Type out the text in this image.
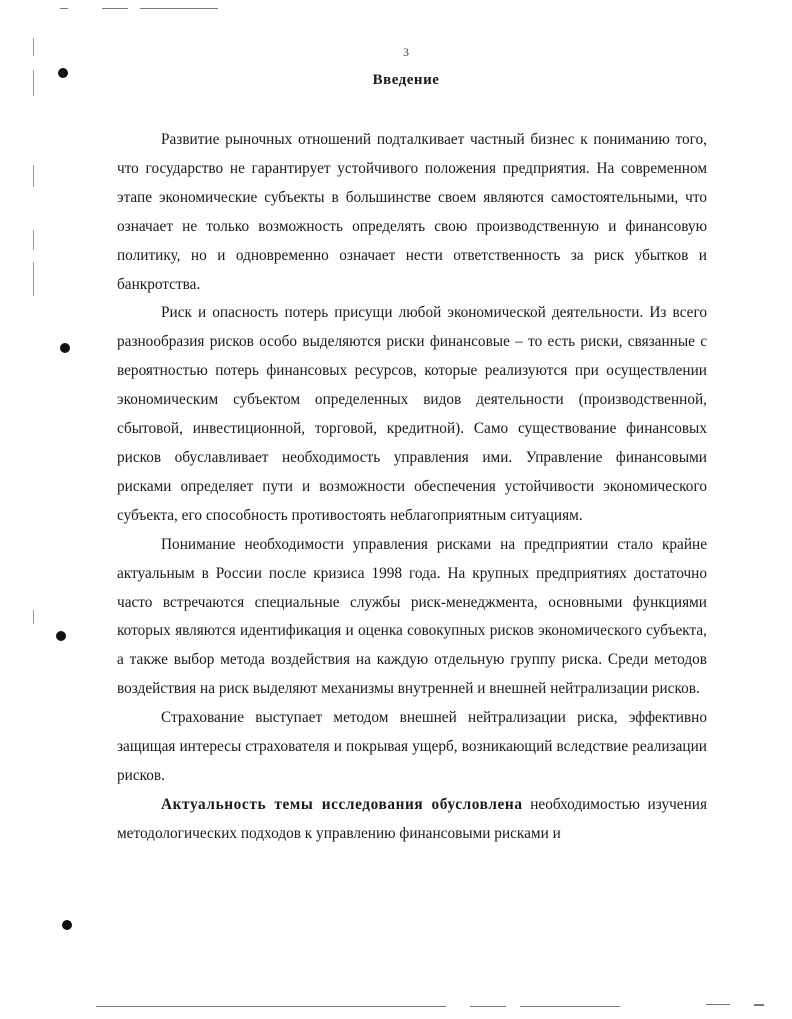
3
Введение

Развитие рыночных отношений подталкивает частный бизнес к пониманию того, что государство не гарантирует устойчивого положения предприятия. На современном этапе экономические субъекты в большинстве своем являются самостоятельными, что означает не только возможность определять свою производственную и финансовую политику, но и одновременно означает нести ответственность за риск убытков и банкротства.

Риск и опасность потерь присущи любой экономической деятельности. Из всего разнообразия рисков особо выделяются риски финансовые – то есть риски, связанные с вероятностью потерь финансовых ресурсов, которые реализуются при осуществлении экономическим субъектом определенных видов деятельности (производственной, сбытовой, инвестиционной, торговой, кредитной). Само существование финансовых рисков обуславливает необходимость управления ими. Управление финансовыми рисками определяет пути и возможности обеспечения устойчивости экономического субъекта, его способность противостоять неблагоприятным ситуациям.

Понимание необходимости управления рисками на предприятии стало крайне актуальным в России после кризиса 1998 года. На крупных предприятиях достаточно часто встречаются специальные службы риск-менеджмента, основными функциями которых являются идентификация и оценка совокупных рисков экономического субъекта, а также выбор метода воздействия на каждую отдельную группу риска. Среди методов воздействия на риск выделяют механизмы внутренней и внешней нейтрализации рисков.

Страхование выступает методом внешней нейтрализации риска, эффективно защищая интересы страхователя и покрывая ущерб, возникающий вследствие реализации рисков.

Актуальность темы исследования обусловлена необходимостью изучения методологических подходов к управлению финансовыми рисками и
